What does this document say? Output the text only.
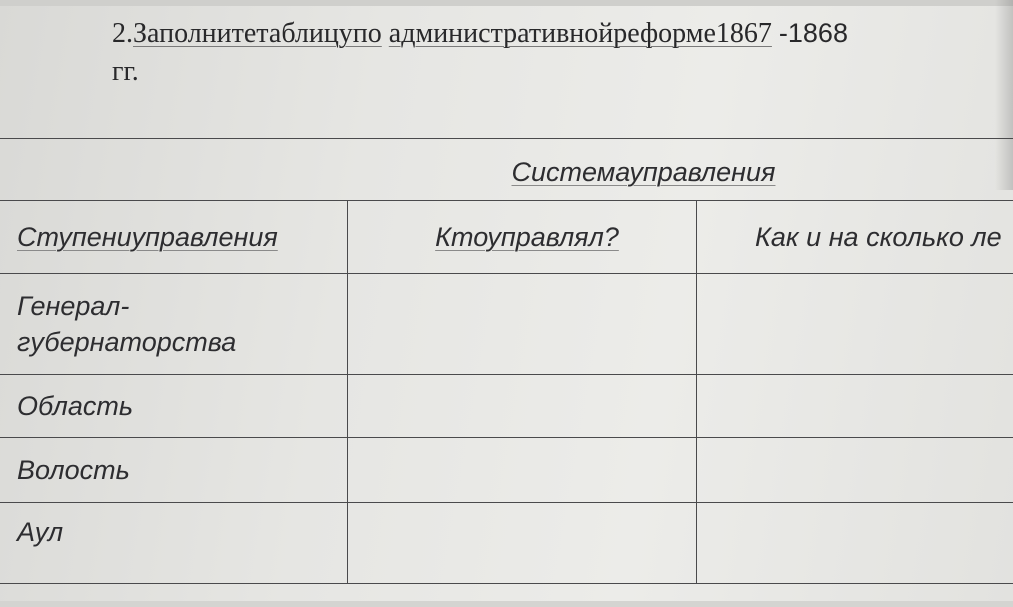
2.Заполнитетаблицупо административнойреформе1867 -1868
гг.
Системауправления		
Ступениуправления	Ктоуправлял?	Как и на сколько ле
Генерал-
губернаторства		
Область		
Волость		
Аул		
